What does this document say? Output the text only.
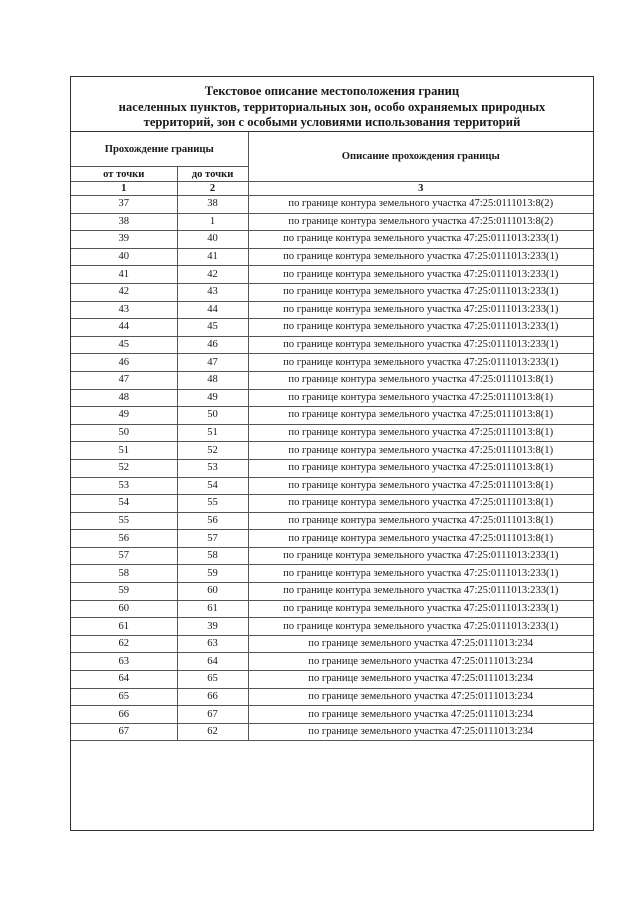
Текстовое описание местоположения границ
населенных пунктов, территориальных зон, особо охраняемых природных
территорий, зон с особыми условиями использования территорий
Прохождение границы		Описание прохождения границы
от точки	до точки	
1	2	3
37	38	по границе контура земельного участка 47:25:0111013:8(2)
38	1	по границе контура земельного участка 47:25:0111013:8(2)
39	40	по границе контура земельного участка 47:25:0111013:233(1)
40	41	по границе контура земельного участка 47:25:0111013:233(1)
41	42	по границе контура земельного участка 47:25:0111013:233(1)
42	43	по границе контура земельного участка 47:25:0111013:233(1)
43	44	по границе контура земельного участка 47:25:0111013:233(1)
44	45	по границе контура земельного участка 47:25:0111013:233(1)
45	46	по границе контура земельного участка 47:25:0111013:233(1)
46	47	по границе контура земельного участка 47:25:0111013:233(1)
47	48	по границе контура земельного участка 47:25:0111013:8(1)
48	49	по границе контура земельного участка 47:25:0111013:8(1)
49	50	по границе контура земельного участка 47:25:0111013:8(1)
50	51	по границе контура земельного участка 47:25:0111013:8(1)
51	52	по границе контура земельного участка 47:25:0111013:8(1)
52	53	по границе контура земельного участка 47:25:0111013:8(1)
53	54	по границе контура земельного участка 47:25:0111013:8(1)
54	55	по границе контура земельного участка 47:25:0111013:8(1)
55	56	по границе контура земельного участка 47:25:0111013:8(1)
56	57	по границе контура земельного участка 47:25:0111013:8(1)
57	58	по границе контура земельного участка 47:25:0111013:233(1)
58	59	по границе контура земельного участка 47:25:0111013:233(1)
59	60	по границе контура земельного участка 47:25:0111013:233(1)
60	61	по границе контура земельного участка 47:25:0111013:233(1)
61	39	по границе контура земельного участка 47:25:0111013:233(1)
62	63	по границе земельного участка 47:25:0111013:234
63	64	по границе земельного участка 47:25:0111013:234
64	65	по границе земельного участка 47:25:0111013:234
65	66	по границе земельного участка 47:25:0111013:234
66	67	по границе земельного участка 47:25:0111013:234
67	62	по границе земельного участка 47:25:0111013:234
